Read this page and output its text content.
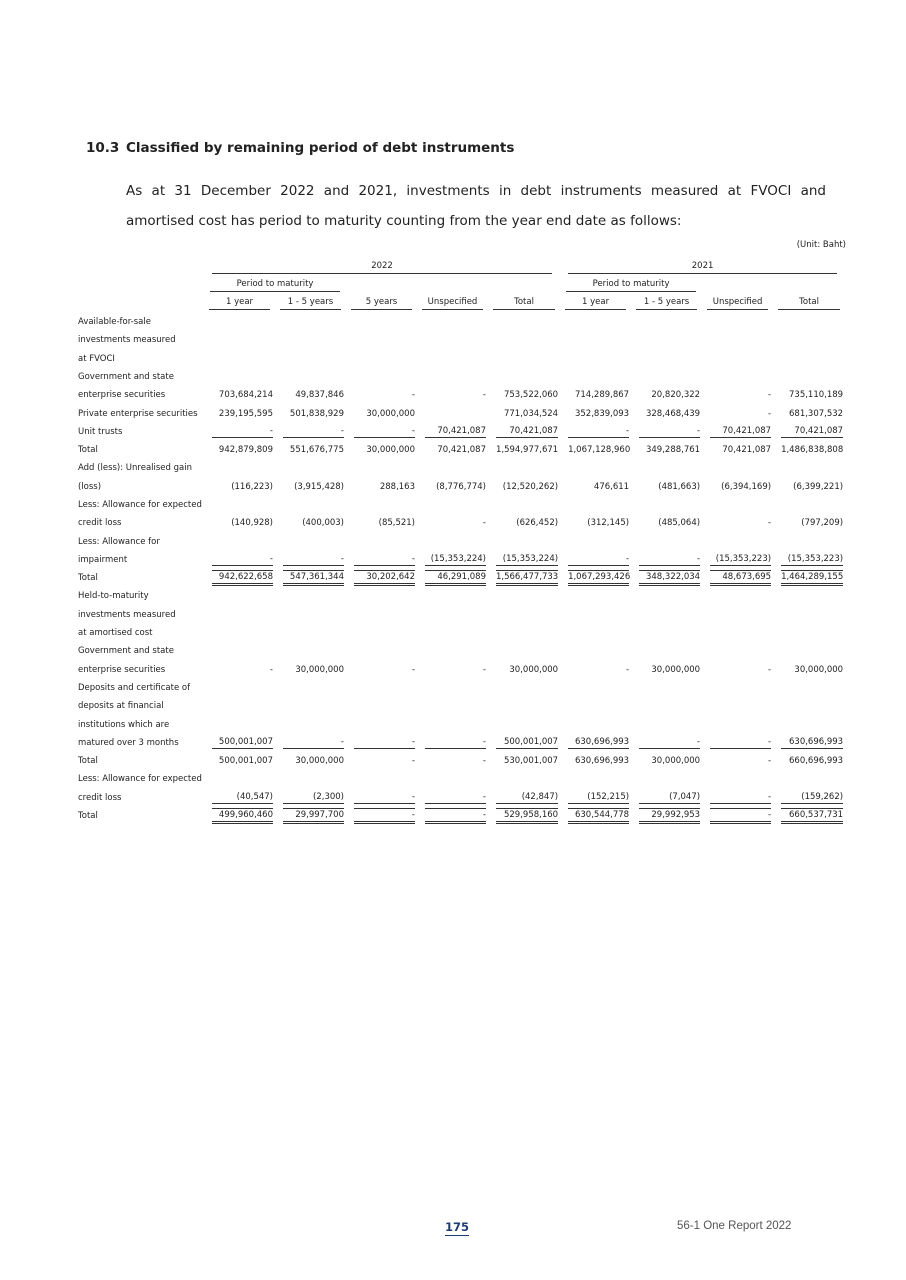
10.3 Classified by remaining period of debt instruments
As at 31 December 2022 and 2021, investments in debt instruments measured at FVOCI and amortised cost has period to maturity counting from the year end date as follows:
(Unit: Baht)

	2022					2021			

	Period to maturity					Period to maturity			

	1 year	1 - 5 years	5 years	Unspecified	Total	1 year	1 - 5 years	Unspecified	Total

Available-for-sale									
investments measured									
at FVOCI									
Government and state									
enterprise securities	703,684,214	49,837,846	-	-	753,522,060	714,289,867	20,820,322	-	735,110,189

Private enterprise securities	239,195,595	501,838,929	30,000,000		771,034,524	352,839,093	328,468,439	-	681,307,532

Unit trusts	-	-	-	70,421,087	70,421,087	-	-	70,421,087	70,421,087

Total	942,879,809	551,676,775	30,000,000	70,421,087	1,594,977,671	1,067,128,960	349,288,761	70,421,087	1,486,838,808

Add (less): Unrealised gain									
(loss)	(116,223)	(3,915,428)	288,163	(8,776,774)	(12,520,262)	476,611	(481,663)	(6,394,169)	(6,399,221)

Less: Allowance for expected									
credit loss	(140,928)	(400,003)	(85,521)	-	(626,452)	(312,145)	(485,064)	-	(797,209)

Less: Allowance for									
impairment	-	-	-	(15,353,224)	(15,353,224)	-	-	(15,353,223)	(15,353,223)

Total	942,622,658	547,361,344	30,202,642	46,291,089	1,566,477,733	1,067,293,426	348,322,034	48,673,695	1,464,289,155

Held-to-maturity									
investments measured									
at amortised cost									
Government and state									
enterprise securities	-	30,000,000	-	-	30,000,000	-	30,000,000	-	30,000,000

Deposits and certificate of									
deposits at financial									
institutions which are									
matured over 3 months	500,001,007	-	-	-	500,001,007	630,696,993	-	-	630,696,993

Total	500,001,007	30,000,000	-	-	530,001,007	630,696,993	30,000,000	-	660,696,993

Less: Allowance for expected									
credit loss	(40,547)	(2,300)	-	-	(42,847)	(152,215)	(7,047)	-	(159,262)

Total	499,960,460	29,997,700	-	-	529,958,160	630,544,778	29,992,953	-	660,537,731
175	56-1 One Report 2022
